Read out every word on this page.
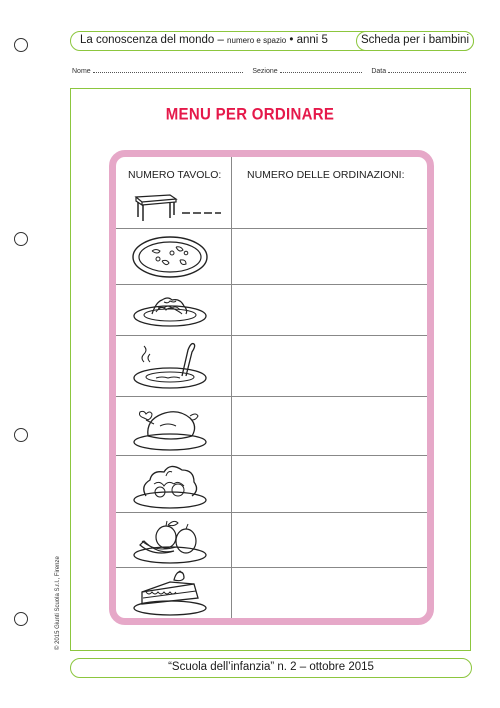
La conoscenza del mondo – numero e spazio • anni 5	Scheda per i bambini
Nome	Sezione	Data
MENU PER ORDINARE
NUMERO TAVOLO: NUMERO DELLE ORDINAZIONI:
“Scuola dell’infanzia” n. 2 – ottobre 2015
© 2015 Giunti Scuola S.r.l., Firenze
